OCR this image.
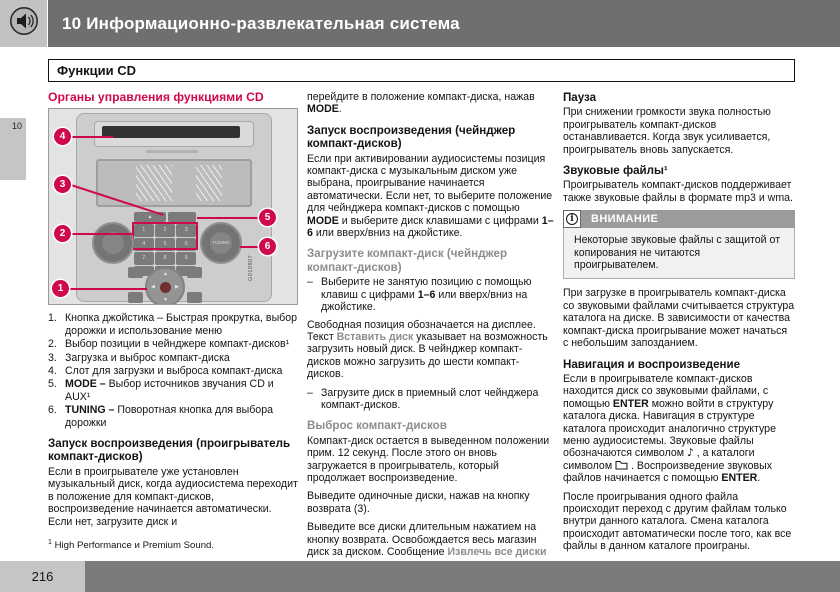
10 Информационно-развлекательная система
10
Функции CD
Органы управления функциями CD
▲
1	2	3
4	5	6
7	8	9
TUNING
▲
▼
◀	▶
1
2
3
4
5
6
G019807
1. Кнопка джойстика – Быстрая прокрутка, выбор дорожки и использование меню
2. Выбор позиции в чейнджере компакт-дисков¹
3. Загрузка и выброс компакт-диска
4. Слот для загрузки и выброса компакт-диска
5. MODE – Выбор источников звучания CD и AUX¹
6. TUNING – Поворотная кнопка для выбора дорожки
Запуск воспроизведения (проигрыватель компакт-дисков)

Если в проигрывателе уже установлен музыкальный диск, когда аудиосистема переходит в положение для компакт-дисков, воспроизведение начинается автоматически. Если нет, загрузите диск и

$^1$ High Performance и Premium Sound.

перейдите в положение компакт-диска, нажав MODE.

Запуск воспроизведения (чейнджер компакт-дисков)

Если при активировании аудиосистемы позиция компакт-диска с музыкальным диском уже выбрана, проигрывание начинается автоматически. Если нет, то выберите положение для чейнджера компакт-дисков с помощью MODE и выберите диск клавишами с цифрами 1–6 или вверх/вниз на джойстике.

Загрузите компакт-диск (чейнджер компакт-дисков)
– Выберите не занятую позицию с помощью клавиш с цифрами 1–6 или вверх/вниз на джойстике.

Свободная позиция обозначается на дисплее. Текст Вставить диск указывает на возможность загрузить новый диск. В чейнджер компакт-дисков можно загрузить до шести компакт-дисков.

– Загрузите диск в приемный слот чейнджера компакт-дисков.
Выброс компакт-дисков

Компакт-диск остается в выведенном положении прим. 12 секунд. После этого он вновь загружается в проигрыватель, который продолжает воспроизведение.

Выведите одиночные диски, нажав на кнопку возврата (3).

Выведите все диски длительным нажатием на кнопку возврата. Освобождается весь магазин диск за диском. Сообщение Извлечь все диски

Пауза

При снижении громкости звука полностью проигрыватель компакт-дисков останавливается. Когда звук усиливается, проигрыватель вновь запускается.

Звуковые файлы¹

Проигрыватель компакт-дисков поддерживает также звуковые файлы в формате mp3 и wma.

i	ВНИМАНИЕ
Некоторые звуковые файлы с защитой от копирования не читаются проигрывателем.

При загрузке в проигрыватель компакт-диска со звуковыми файлами считывается структура каталога на диске. В зависимости от качества компакт-диска проигрывание может начаться с небольшим запозданием.

Навигация и воспроизведение

Если в проигрывателе компакт-дисков находится диск со звуковыми файлами, с помощью ENTER можно войти в структуру каталога диска. Навигация в структуре каталога происходит аналогично структуре меню аудиосистемы. Звуковые файлы обозначаются символом ♪ , а каталоги символом  . Воспроизведение звуковых файлов начинается с помощью ENTER.

После проигрывания одного файла происходит переход с другим файлам только внутри данного каталога. Смена каталога происходит автоматически после того, как все файлы в данном каталоге проиграны.

216
